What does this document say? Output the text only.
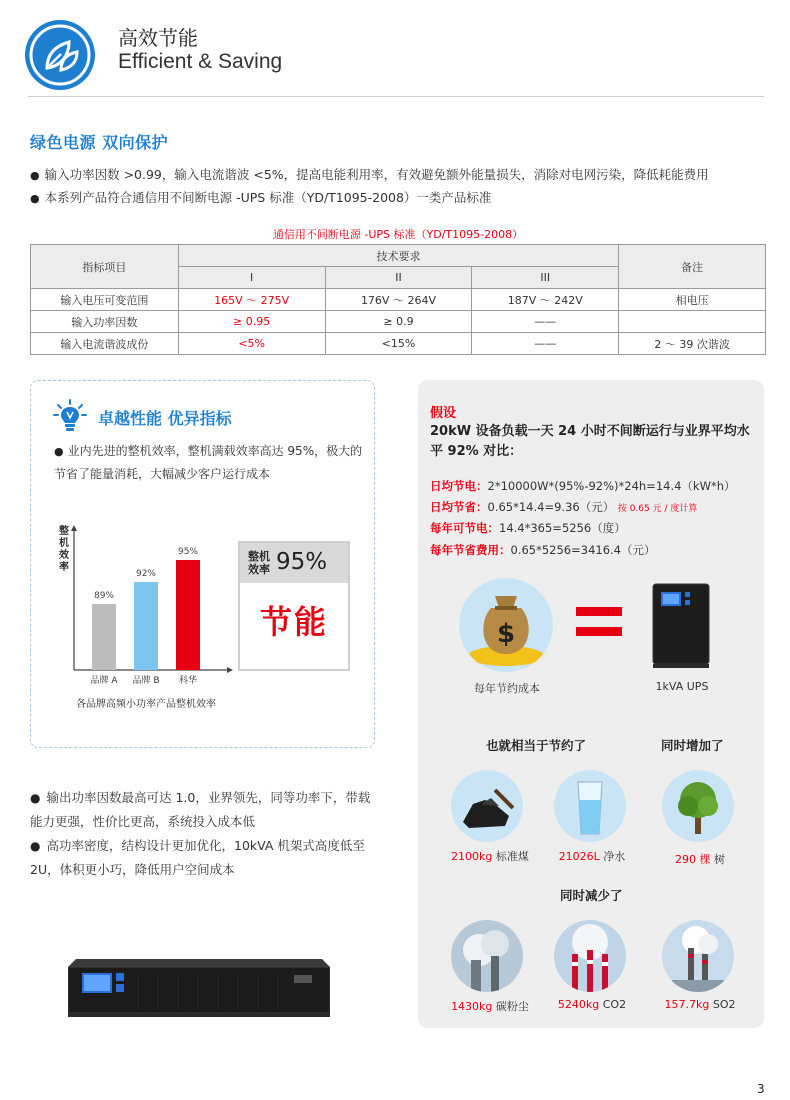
高效节能
Efficient & Saving
绿色电源 双向保护
● 输入功率因数 >0.99，输入电流谐波 <5%，提高电能利用率，有效避免额外能量损失，消除对电网污染，降低耗能费用
● 本系列产品符合通信用不间断电源 -UPS 标准（YD/T1095-2008）一类产品标准
通信用不间断电源 -UPS 标准（YD/T1095-2008）
指标项目	技术要求			备注
	I	II	III	
输入电压可变范围	165V ～ 275V	176V ～ 264V	187V ～ 242V	相电压
输入功率因数	≥ 0.95	≥ 0.9	——	
输入电流谐波成份	<5%	<15%	——	2 ～ 39 次谐波
卓越性能 优异指标
● 业内先进的整机效率，整机满载效率高达 95%，极大的节省了能量消耗，大幅减少客户运行成本
整机效率
89%
品牌 A
92%
品牌 B
95%
科华
各品牌高频小功率产品整机效率
整机效率 95%
节能
● 输出功率因数最高可达 1.0，业界领先，同等功率下，带载能力更强，性价比更高，系统投入成本低
● 高功率密度，结构设计更加优化，10kVA 机架式高度低至 2U，体积更小巧，降低用户空间成本
假设
20kW 设备负载一天 24 小时不间断运行与业界平均水平 92% 对比：
日均节电：2*10000W*(95%-92%)*24h=14.4（kW*h）
日均节省：0.65*14.4=9.36（元） 按 0.65 元 / 度计算
每年可节电：14.4*365=5256（度）
每年节省费用：0.65*5256=3416.4（元）
$
每年节约成本	1kVA UPS
也就相当于节约了	同时增加了
2100kg 标准煤	21026L 净水	290 棵 树
同时减少了
1430kg 碳粉尘	5240kg CO2	157.7kg SO2
3
